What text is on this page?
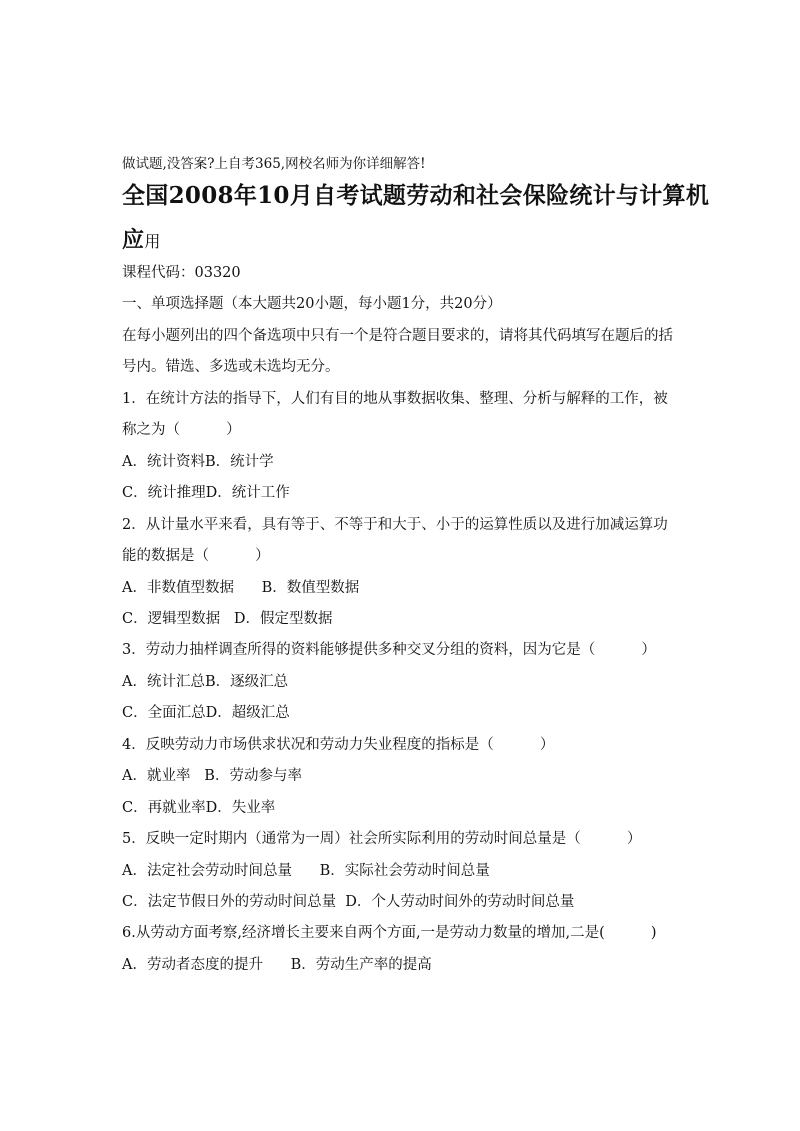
做试题,没答案?上自考365,网校名师为你详细解答!
全国2008年10月自考试题劳动和社会保险统计与计算机
应用
课程代码：03320
一、单项选择题（本大题共20小题，每小题1分，共20分）
在每小题列出的四个备选项中只有一个是符合题目要求的，请将其代码填写在题后的括
号内。错选、多选或未选均无分。
1．在统计方法的指导下，人们有目的地从事数据收集、整理、分析与解释的工作，被
称之为（          ）
A．统计资料B．统计学
C．统计推理D．统计工作
2．从计量水平来看，具有等于、不等于和大于、小于的运算性质以及进行加减运算功
能的数据是（          ）
A．非数值型数据      B．数值型数据
C．逻辑型数据   D．假定型数据
3．劳动力抽样调查所得的资料能够提供多种交叉分组的资料，因为它是（          ）
A．统计汇总B．逐级汇总
C．全面汇总D．超级汇总
4．反映劳动力市场供求状况和劳动力失业程度的指标是（          ）
A．就业率   B．劳动参与率
C．再就业率D．失业率
5．反映一定时期内（通常为一周）社会所实际利用的劳动时间总量是（          ）
A．法定社会劳动时间总量      B．实际社会劳动时间总量
C．法定节假日外的劳动时间总量  D．个人劳动时间外的劳动时间总量
6.从劳动方面考察,经济增长主要来自两个方面,一是劳动力数量的增加,二是(          )
A．劳动者态度的提升      B．劳动生产率的提高
